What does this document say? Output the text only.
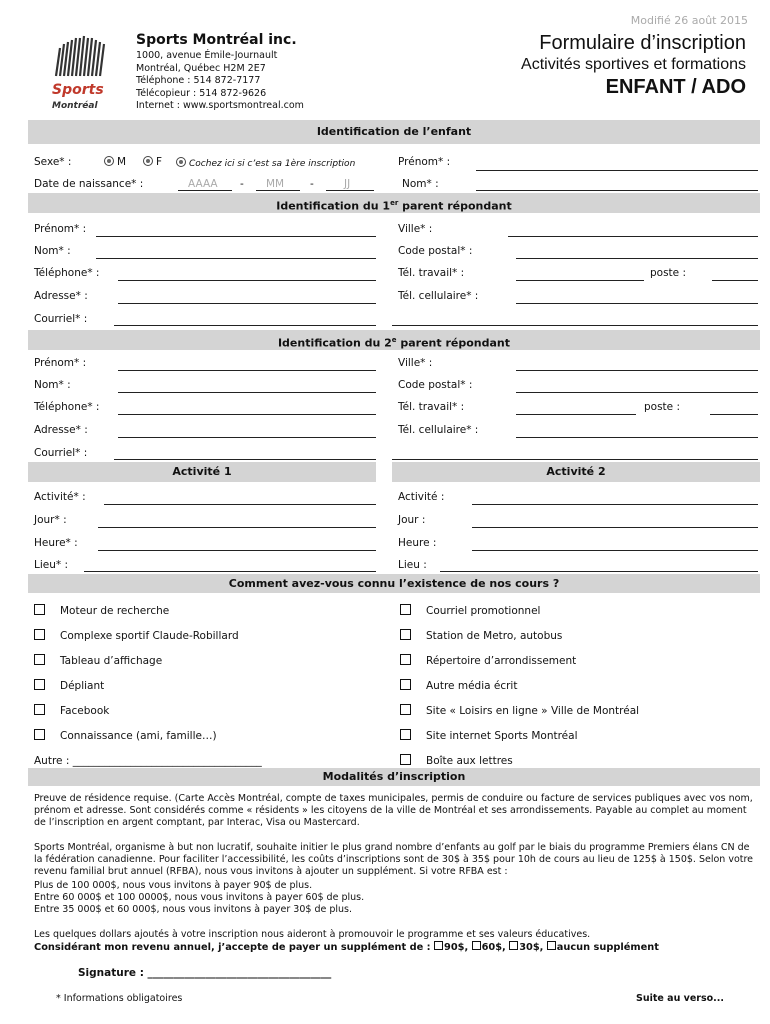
Sports
Montréal
Sports Montréal inc.
1000, avenue Émile-Journault
Montréal, Québec H2M 2E7
Téléphone : 514 872-7177
Télécopieur : 514 872-9626
Internet : www.sportsmontreal.com
Modifié 26 août 2015
Formulaire d’inscription
Activités sportives et formations
ENFANT / ADO
Identification de l’enfant
Sexe* :	M	F	Cochez ici si c’est sa 1ère inscription	Prénom* :
Date de naissance* :	AAAA - MM -	JJ	Nom* :
Identification du 1er parent répondant
Prénom* :	Ville* :
Nom* :	Code postal* :
Téléphone* :	Tél. travail* :	poste :
Adresse* :	Tél. cellulaire* :
Courriel* :
Identification du 2e parent répondant
Prénom* :	Ville* :
Nom* :	Code postal* :
Téléphone* :	Tél. travail* :	poste :
Adresse* :	Tél. cellulaire* :
Courriel* :
Activité 1	Activité 2
Activité* :	Activité :
Jour* :	Jour :
Heure* :	Heure :
Lieu* :	Lieu :
Comment avez-vous connu l’existence de nos cours ?
Moteur de recherche
Complexe sportif Claude-Robillard
Tableau d’affichage
Dépliant
Facebook
Connaissance (ami, famille…)
Autre : ____________________________________
Courriel promotionnel
Station de Metro, autobus
Répertoire d’arrondissement
Autre média écrit
Site « Loisirs en ligne » Ville de Montréal
Site internet Sports Montréal
Boîte aux lettres
Modalités d’inscription
Preuve de résidence requise. (Carte Accès Montréal, compte de taxes municipales, permis de conduire ou facture de services publiques avec vos nom, prénom et adresse. Sont considérés comme « résidents » les citoyens de la ville de Montréal et ses arrondissements. Payable au complet au moment de l’inscription en argent comptant, par Interac, Visa ou Mastercard.
Sports Montréal, organisme à but non lucratif, souhaite initier le plus grand nombre d’enfants au golf par le biais du programme Premiers élans CN de la fédération canadienne. Pour faciliter l’accessibilité, les coûts d’inscriptions sont de 30$ à 35$ pour 10h de cours au lieu de 125$ à 150$. Selon votre revenu familial brut annuel (RFBA), nous vous invitons à ajouter un supplément. Si votre RFBA est :
Plus de 100 000$, nous vous invitons à payer 90$ de plus.
Entre 60 000$ et 100 0000$, nous vous invitons à payer 60$ de plus.
Entre 35 000$ et 60 000$, nous vous invitons à payer 30$ de plus.
Les quelques dollars ajoutés à votre inscription nous aideront à promouvoir le programme et ses valeurs éducatives.
Considérant mon revenu annuel, j’accepte de payer un supplément de : 90$, 60$, 30$, aucun supplément
Signature : ___________________________________
* Informations obligatoires	Suite au verso...
